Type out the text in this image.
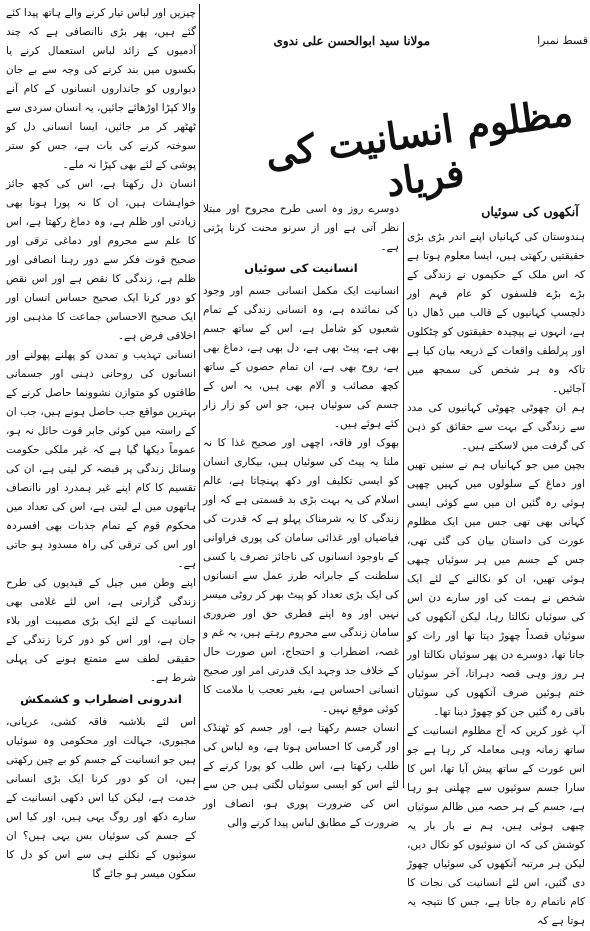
قسط نمبرا
مولانا سید ابوالحسن علی ندوی
مظلوم انسانیت کی فریاد
آنکھوں کی سوئیاں

ہندوستان کی کہانیاں اپنے اندر بڑی بڑی حقیقتیں رکھتی ہیں، ایسا معلوم ہوتا ہے کہ اس ملک کے حکیموں نے زندگی کے بڑے بڑے فلسفوں کو عام فہم اور دلچسپ کہانیوں کے قالب میں ڈھال دیا ہے، انہوں نے پیچیدہ حقیقتوں کو چٹکلوں اور پرلطف واقعات کے ذریعہ بیان کیا ہے تاکہ وہ ہر شخص کی سمجھ میں آجائیں۔

ہم ان چھوٹی چھوٹی کہانیوں کی مدد سے زندگی کے بہت سے حقائق کو ذہن کی گرفت میں لاسکتے ہیں۔

بچپن میں جو کہانیاں ہم نے سنیں تھیں اور دماغ کے سلولوں میں کہیں چھپی ہوئی رہ گئیں ان میں سے کوئی ایسی کہانی بھی تھی جس میں ایک مظلوم عورت کی داستان بیان کی گئی تھی، جس کے جسم میں ہر سوئیاں چبھی ہوئی تھیں، ان کو نکالنے کے لئے ایک شخص نے ہمت کی اور سارے دن اس کی سوئیاں نکالتا رہا، لیکن آنکھوں کی سوئیاں قصداً چھوڑ دیتا تھا اور رات کو جاتا تھا، دوسرے دن پھر سوئیاں نکالتا اور ہر روز وہی قصہ دہراتا، آخر سوئیاں ختم ہوئیں صرف آنکھوں کی سوئیاں باقی رہ گئیں جن کو چھوڑ دینا تھا۔

آپ غور کریں کہ آج مظلوم انسانیت کے ساتھ زمانہ وہی معاملہ کر رہا ہے جو اس عورت کے ساتھ پیش آیا تھا، اس کا سارا جسم سوئیوں سے چھلنی ہو رہا ہے، جسم کے ہر حصہ میں ظالم سوئیاں چبھی ہوئی ہیں، ہم نے بار بار یہ کوشش کی کہ ان سوئیوں کو نکال دیں، لیکن ہر مرتبہ آنکھوں کی سوئیاں چھوڑ دی گئیں، اس لئے انسانیت کی نجات کا کام ناتمام رہ جاتا ہے، جس کا نتیجہ یہ ہوتا ہے کہ

دوسرے روز وہ اسی طرح مجروح اور مبتلا نظر آتی ہے اور از سرنو محنت کرنا پڑتی ہے۔

انسانیت کی سوئیاں

انسانیت ایک مکمل انسانی جسم اور وجود کی نمائندہ ہے، وہ انسانی زندگی کے تمام شعبوں کو شامل ہے، اس کے ساتھ جسم بھی ہے، پیٹ بھی ہے، دل بھی ہے، دماغ بھی ہے، روح بھی ہے، ان تمام حصوں کے ساتھ کچھ مصائب و آلام بھی ہیں، یہ اس کے جسم کی سوئیاں ہیں، جو اس کو زار زار کئے ہوئے ہیں۔

بھوک اور فاقہ، اچھی اور صحیح غذا کا نہ ملنا یہ پیٹ کی سوئیاں ہیں، بیکاری انسان کو ایسی تکلیف اور دکھ پہنچاتا ہے، عالم اسلام کی یہ بہت بڑی بد قسمتی ہے کہ اور زندگی کا یہ شرمناک پہلو ہے کہ قدرت کی فیاضیاں اور غذائی سامان کی پوری فراوانی کے باوجود انسانوں کی ناجائز تصرف یا کسی سلطنت کے جابرانہ طرز عمل سے انسانوں کی ایک بڑی تعداد کو پیٹ بھر کر روٹی میسر نہیں اور وہ اپنے فطری حق اور ضروری سامان زندگی سے محروم رہتے ہیں، یہ غم و غصہ، اضطراب و احتجاج، اس صورت حال کے خلاف جد وجہد ایک قدرتی امر اور صحیح انسانی احساس ہے، بغیر تعجب یا ملامت کا کوئی موقع نہیں۔

انسان جسم رکھتا ہے، اور جسم کو ٹھنڈک اور گرمی کا احساس ہوتا ہے، وہ لباس کی طلب رکھتا ہے، اس طلب کو پورا کرنے کے لئے اس کو ایسی سوئیاں لگتی ہیں جن سے اس کی ضرورت پوری ہو، انصاف اور ضرورت کے مطابق لباس پیدا کرنے والی

چیزیں اور لباس تیار کرنے والے ہاتھ پیدا کئے گئے ہیں، پھر بڑی ناانصافی ہے کہ چند آدمیوں کے زائد لباس استعمال کرنے یا بکسوں میں بند کرنے کی وجہ سے بے جان دیواروں کو جانداروں انسانوں کے کام آنے والا کپڑا اوڑھائے جائیں، یہ انسان سردی سے ٹھٹھر کر مر جائیں، ایسا انسانی دل کو سوختہ کرنے کی بات ہے، جس کو ستر پوشی کے لئے بھی کپڑا نہ ملے۔

انسان دل رکھتا ہے، اس کی کچھ جائز خواہشات ہیں، ان کا نہ پورا ہونا بھی زیادتی اور ظلم ہے، وہ دماغ رکھتا ہے، اس کا علم سے محروم اور دماغی ترقی اور صحیح قوت فکر سے دور رہنا انصافی اور ظلم ہے، زندگی کا نقص ہے اور اس نقص کو دور کرنا ایک صحیح حساس انسان اور ایک صحیح الاحساس جماعت کا مذہبی اور اخلاقی فرض ہے۔

انسانی تہذیب و تمدن کو پھلنے پھولنے اور انسانوں کی روحانی ذہنی اور جسمانی طاقتوں کو متوازن نشوونما حاصل کرنے کے بہترین مواقع جب حاصل ہونے ہیں، جب ان کے راستہ میں کوئی جابر قوت حائل نہ ہو، عموماً دیکھا گیا ہے کہ غیر ملکی حکومت وسائل زندگی پر قبضہ کر لیتی ہے، ان کی تقسیم کا کام اپنے غیر ہمدرد اور ناانصاف ہاتھوں میں لے لیتی ہے، اس کی تعداد میں محکوم قوم کے تمام جذبات بھی افسردہ اور اس کی ترقی کی راہ مسدود ہو جاتی ہے۔

اپنے وطن میں جیل کے قیدیوں کی طرح زندگی گزارتی ہے، اس لئے غلامی بھی انسانیت کے لئے ایک بڑی مصیبت اور بلاء جان ہے، اور اس کو دور کرنا زندگی کے حقیقی لطف سے متمتع ہونے کی پہلی شرط ہے۔

اندرونی اضطراب و کشمکش

اس لئے بلاشبہ فاقہ کشی، عریانی، مجبوری، جہالت اور محکومی وہ سوئیاں ہیں جو انسانیت کے جسم کو بے چین رکھتی ہیں، ان کو دور کرنا ایک بڑی انسانی خدمت ہے، لیکن کیا اس دکھی انسانیت کے سارے دکھ اور روگ یہی ہیں، اور کیا اس کے جسم کی سوئیاں بس یہی ہیں؟ ان سوئیوں کے نکلنے ہی سے اس کو دل کا سکون میسر ہو جائے گا
